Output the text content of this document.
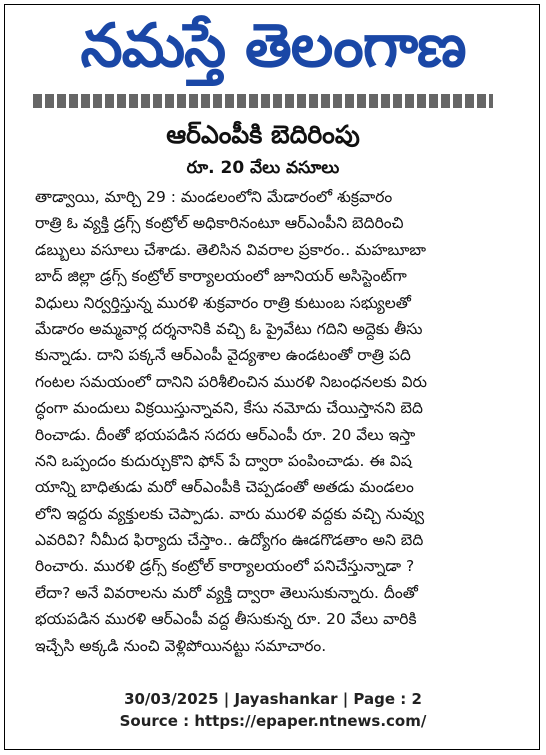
నమస్తే తెలంగాణ
ఆర్ఎంపీకి బెదిరింపు
రూ. 20 వేలు వసూలు
తాడ్వాయి, మార్చి 29 : మండలంలోని మేడారంలో శుక్రవారం
రాత్రి ఓ వ్యక్తి డ్రగ్స్ కంట్రోల్ అధికారినంటూ ఆర్ఎంపీని బెదిరించి
డబ్బులు వసూలు చేశాడు. తెలిసిన వివరాల ప్రకారం.. మహబూబా
బాద్ జిల్లా డ్రగ్స్ కంట్రోల్ కార్యాలయంలో జూనియర్ అసిస్టెంట్‌గా
విధులు నిర్వర్తిస్తున్న మురళి శుక్రవారం రాత్రి కుటుంబ సభ్యులతో
మేడారం అమ్మవార్ల దర్శనానికి వచ్చి ఓ ప్రైవేటు గదిని అద్దెకు తీసు
కున్నాడు. దాని పక్కనే ఆర్ఎంపీ వైద్యశాల ఉండటంతో రాత్రి పది
గంటల సమయంలో దానిని పరిశీలించిన మురళి నిబంధనలకు విరు
ద్ధంగా మందులు విక్రయిస్తున్నావని, కేసు నమోదు చేయిస్తానని బెది
రించాడు. దీంతో భయపడిన సదరు ఆర్ఎంపీ రూ. 20 వేలు ఇస్తా
నని ఒప్పందం కుదుర్చుకొని ఫోన్ పే ద్వారా పంపించాడు. ఈ విష
యాన్ని బాధితుడు మరో ఆర్ఎంపీకి చెప్పడంతో అతడు మండలం
లోని ఇద్దరు వ్యక్తులకు చెప్పాడు. వారు మురళి వద్దకు వచ్చి నువ్వు
ఎవరివి? నీమీద ఫిర్యాదు చేస్తాం.. ఉద్యోగం ఊడగొడతాం అని బెది
రించారు. మురళి డ్రగ్స్ కంట్రోల్ కార్యాలయంలో పనిచేస్తున్నాడా ?
లేదా? అనే వివరాలను మరో వ్యక్తి ద్వారా తెలుసుకున్నారు. దీంతో
భయపడిన మురళి ఆర్ఎంపీ వద్ద తీసుకున్న రూ. 20 వేలు వారికి
ఇచ్చేసి అక్కడి నుంచి వెళ్లిపోయినట్టు సమాచారం.
30/03/2025 | Jayashankar | Page : 2
Source : https://epaper.ntnews.com/
